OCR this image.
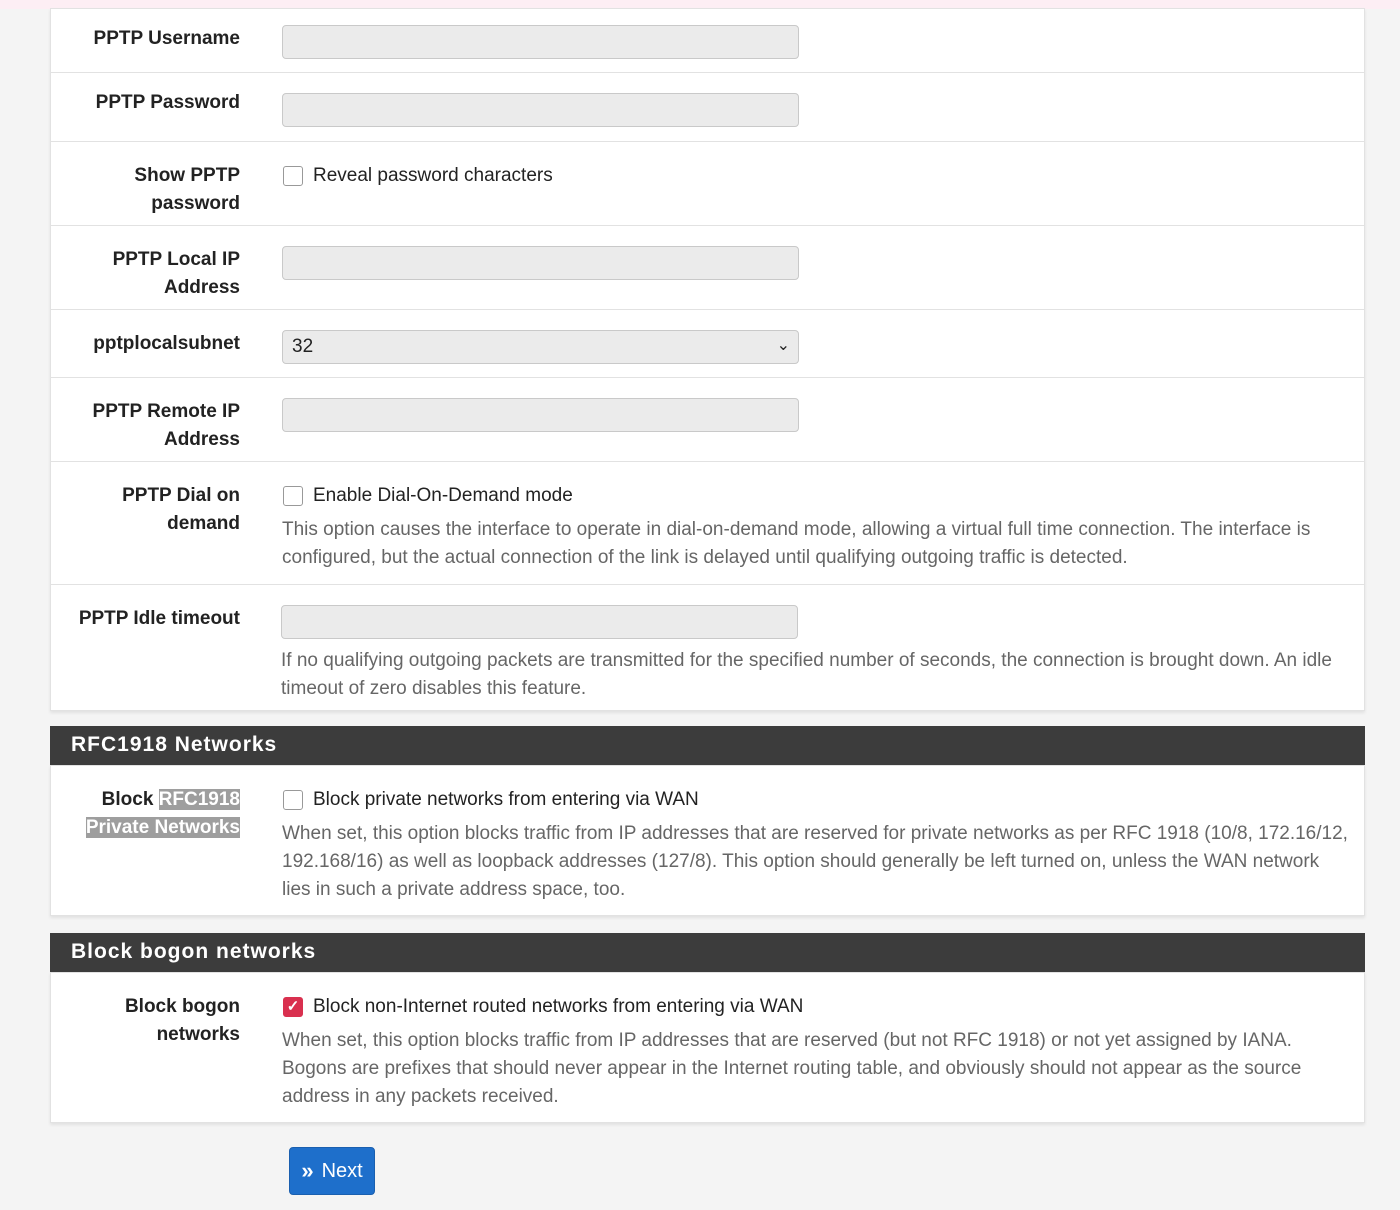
PPTP Username
PPTP Password
Show PPTP
password
Reveal password characters
PPTP Local IP
Address
pptplocalsubnet	32	⌄
PPTP Remote IP
Address
PPTP Dial on
demand
Enable Dial-On-Demand mode
This option causes the interface to operate in dial-on-demand mode, allowing a virtual full time connection. The interface is configured, but the actual connection of the link is delayed until qualifying outgoing traffic is detected.
PPTP Idle timeout
If no qualifying outgoing packets are transmitted for the specified number of seconds, the connection is brought down. An idle timeout of zero disables this feature.
RFC1918 Networks
Block RFC1918
Private Networks
Block private networks from entering via WAN
When set, this option blocks traffic from IP addresses that are reserved for private networks as per RFC 1918 (10/8, 172.16/12, 192.168/16) as well as loopback addresses (127/8). This option should generally be left turned on, unless the WAN network lies in such a private address space, too.
Block bogon networks
Block bogon
networks
✓ Block non-Internet routed networks from entering via WAN
When set, this option blocks traffic from IP addresses that are reserved (but not RFC 1918) or not yet assigned by IANA. Bogons are prefixes that should never appear in the Internet routing table, and obviously should not appear as the source address in any packets received.
» Next
